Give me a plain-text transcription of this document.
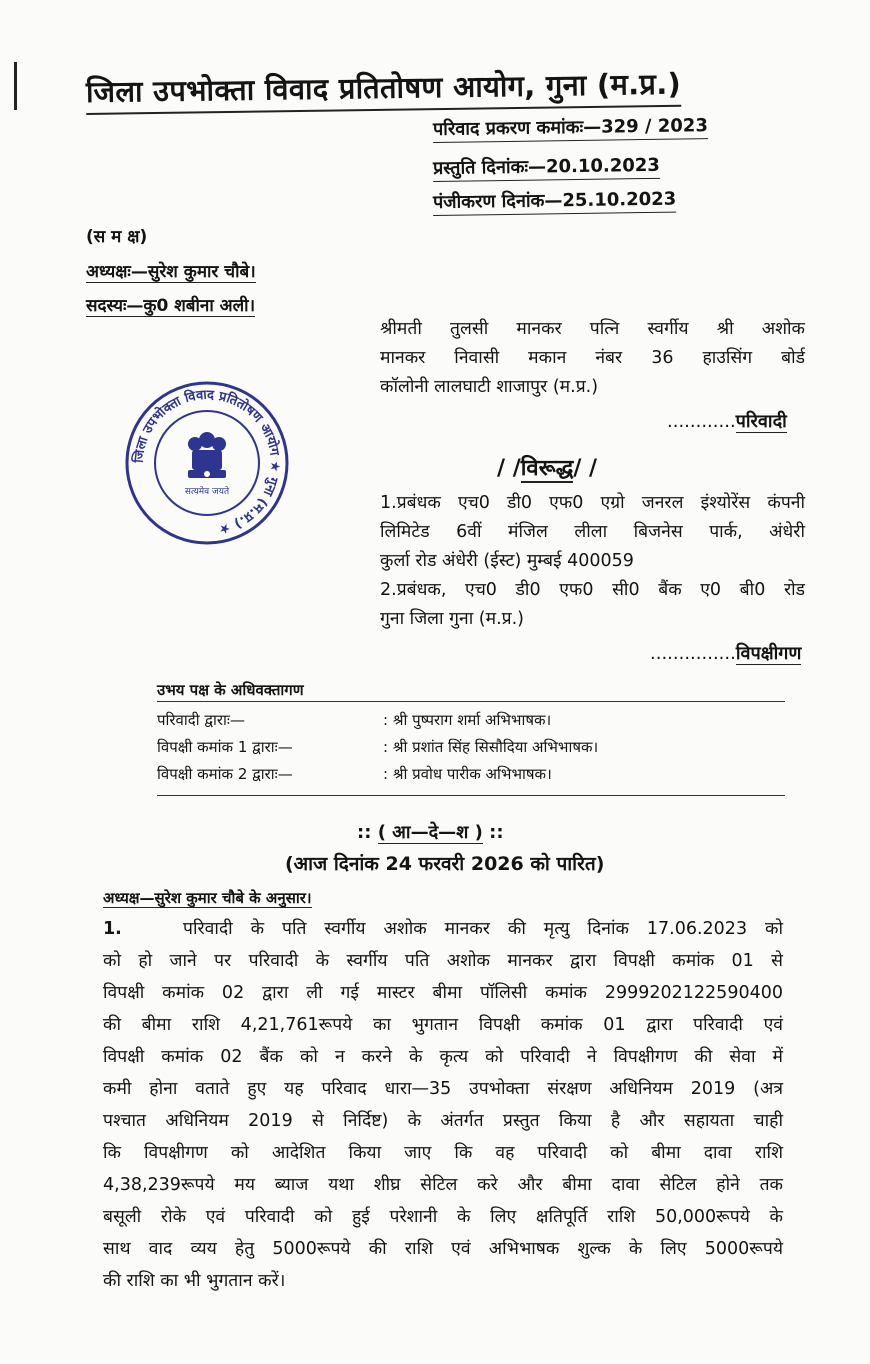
जिला उपभोक्ता विवाद प्रतितोषण आयोग, गुना (म.प्र.)
परिवाद प्रकरण कमांकः—329 / 2023
प्रस्तुति दिनांकः—20.10.2023
पंजीकरण दिनांक—25.10.2023
(स म क्ष)
अध्यक्षः—सुरेश कुमार चौबे।
सदस्यः—कु0 शबीना अली।
जिला उपभोक्ता विवाद प्रतितोषण आयोग ★ गुना (म.प्र.) ★
सत्यमेव जयते
श्रीमती तुलसी मानकर पत्नि स्वर्गीय श्री अशोक
मानकर निवासी मकान नंबर 36 हाउसिंग बोर्ड
कॉलोनी लालघाटी शाजापुर (म.प्र.)
............परिवादी
/ /विरूद्ध/ /
1.प्रबंधक एच0 डी0 एफ0 एग्रो जनरल इंश्योरेंस कंपनी
लिमिटेड 6वीं मंजिल लीला बिजनेस पार्क, अंधेरी
कुर्ला रोड अंधेरी (ईस्ट) मुम्बई 400059
2.प्रबंधक, एच0 डी0 एफ0 सी0 बैंक ए0 बी0 रोड
गुना जिला गुना (म.प्र.)
...............विपक्षीगण
उभय पक्ष के अधिवक्तागण
परिवादी द्वाराः—	: श्री पुष्पराग शर्मा अभिभाषक।
विपक्षी कमांक 1 द्वाराः—	: श्री प्रशांत सिंह सिसौदिया अभिभाषक।
विपक्षी कमांक 2 द्वाराः—	: श्री प्रवोध पारीक अभिभाषक।
:: ( आ—दे—श ) ::
(आज दिनांक 24 फरवरी 2026 को पारित)
अध्यक्ष—सुरेश कुमार चौबे के अनुसार।
1.	परिवादी के पति स्वर्गीय अशोक मानकर की मृत्यु दिनांक 17.06.2023 को
को हो जाने पर परिवादी के स्वर्गीय पति अशोक मानकर द्वारा विपक्षी कमांक 01 से
विपक्षी कमांक 02 द्वारा ली गई मास्टर बीमा पॉलिसी कमांक 2999202122590400
की बीमा राशि 4,21,761रूपये का भुगतान विपक्षी कमांक 01 द्वारा परिवादी एवं
विपक्षी कमांक 02 बैंक को न करने के कृत्य को परिवादी ने विपक्षीगण की सेवा में
कमी होना वताते हुए यह परिवाद धारा—35 उपभोक्ता संरक्षण अधिनियम 2019 (अत्र
पश्चात अधिनियम 2019 से निर्दिष्ट) के अंतर्गत प्रस्तुत किया है और सहायता चाही
कि विपक्षीगण को आदेशित किया जाए कि वह परिवादी को बीमा दावा राशि
4,38,239रूपये मय ब्याज यथा शीघ्र सेटिल करे और बीमा दावा सेटिल होने तक
बसूली रोके एवं परिवादी को हुई परेशानी के लिए क्षतिपूर्ति राशि 50,000रूपये के
साथ वाद व्यय हेतु 5000रूपये की राशि एवं अभिभाषक शुल्क के लिए 5000रूपये
की राशि का भी भुगतान करें।
